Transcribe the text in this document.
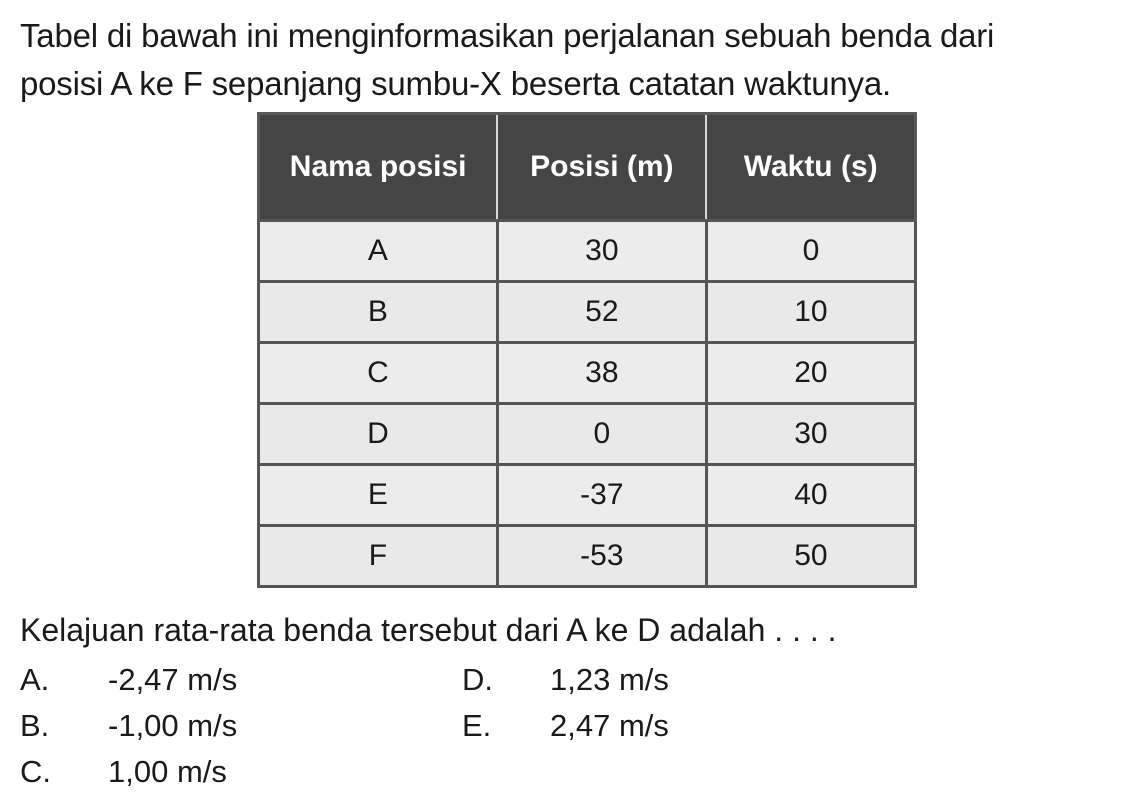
Tabel di bawah ini menginformasikan perjalanan sebuah benda dari
posisi A ke F sepanjang sumbu-X beserta catatan waktunya.
Nama posisi	Posisi (m)	Waktu (s)
A	30	0
B	52	10
C	38	20
D	0	30
E	-37	40
F	-53	50
Kelajuan rata-rata benda tersebut dari A ke D adalah . . . .
A. -2,47 m/s
B. -1,00 m/s
C. 1,00 m/s
D. 1,23 m/s
E. 2,47 m/s
